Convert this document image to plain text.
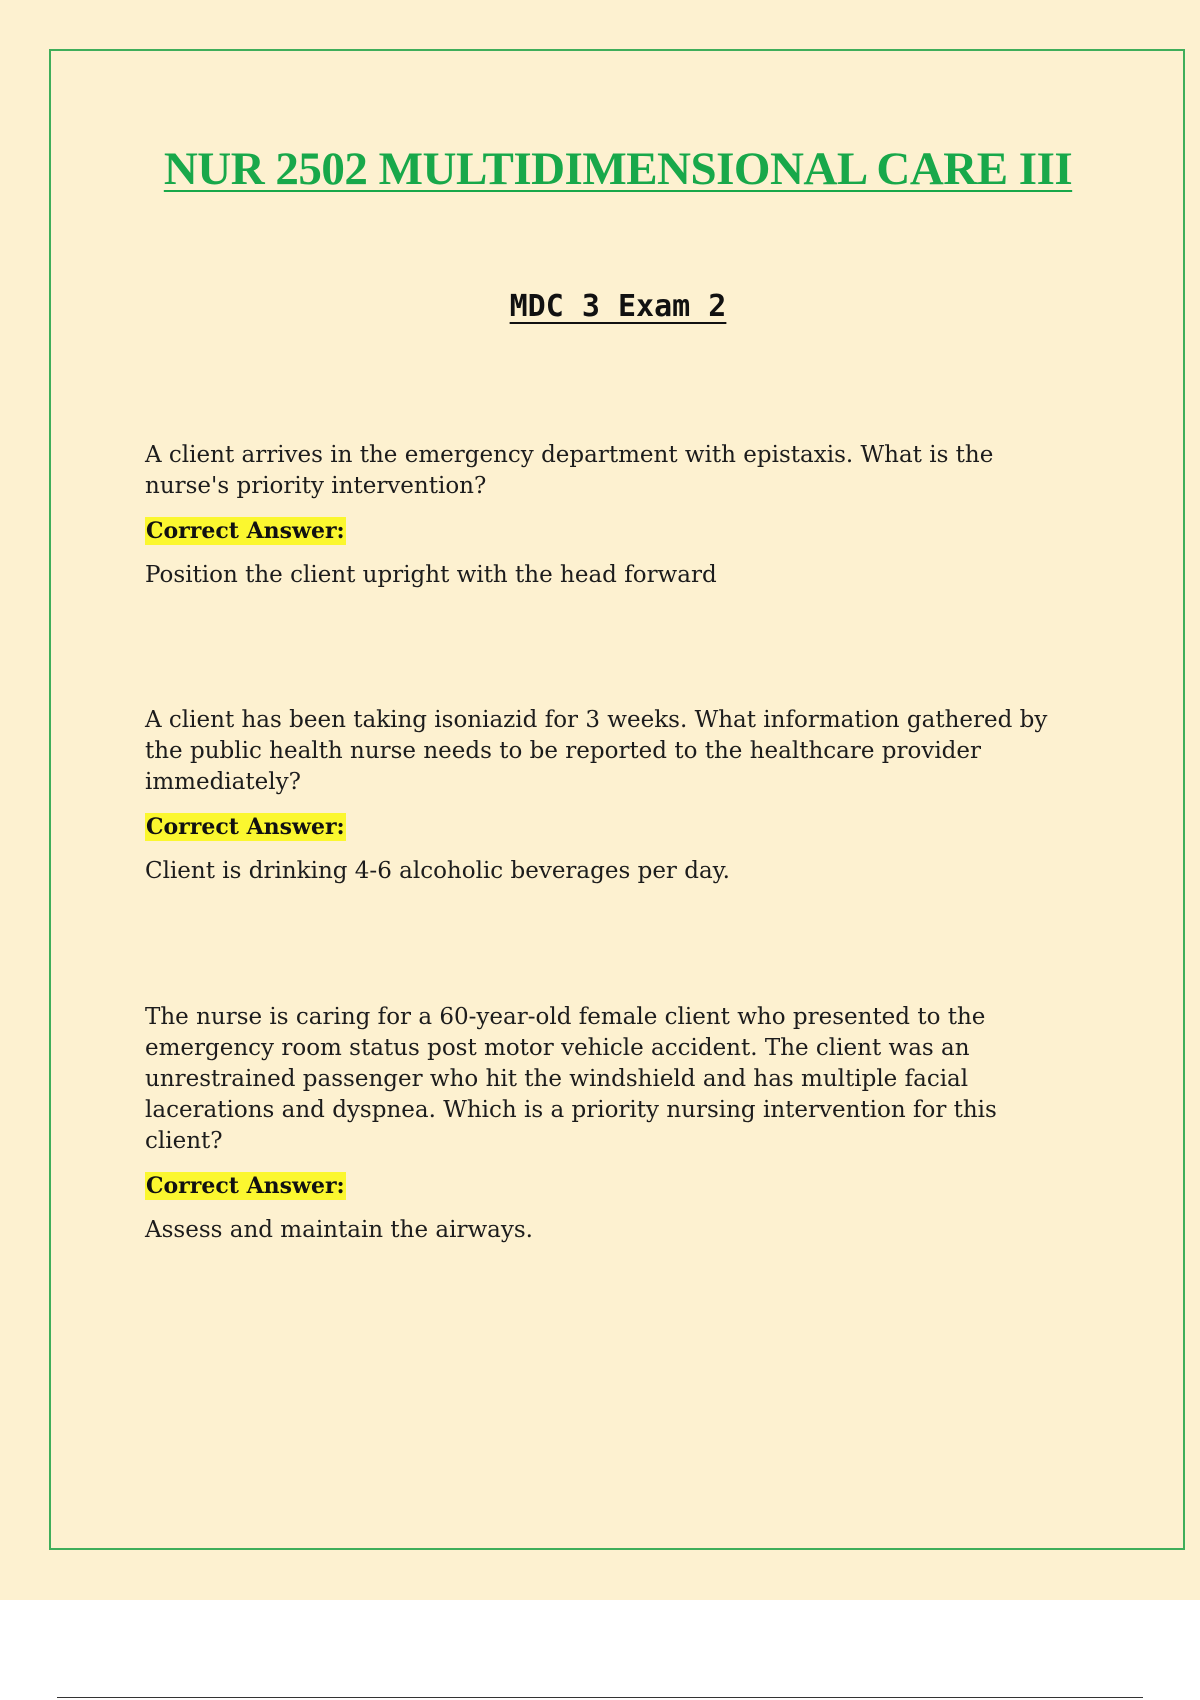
NUR 2502 MULTIDIMENSIONAL CARE III
MDC 3 Exam 2

A client arrives in the emergency department with epistaxis. What is the nurse's priority intervention?

Correct Answer:

Position the client upright with the head forward

A client has been taking isoniazid for 3 weeks. What information gathered by the public health nurse needs to be reported to the healthcare provider immediately?

Correct Answer:

Client is drinking 4-6 alcoholic beverages per day.

The nurse is caring for a 60-year-old female client who presented to the emergency room status post motor vehicle accident. The client was an unrestrained passenger who hit the windshield and has multiple facial lacerations and dyspnea. Which is a priority nursing intervention for this client?

Correct Answer:

Assess and maintain the airways.
